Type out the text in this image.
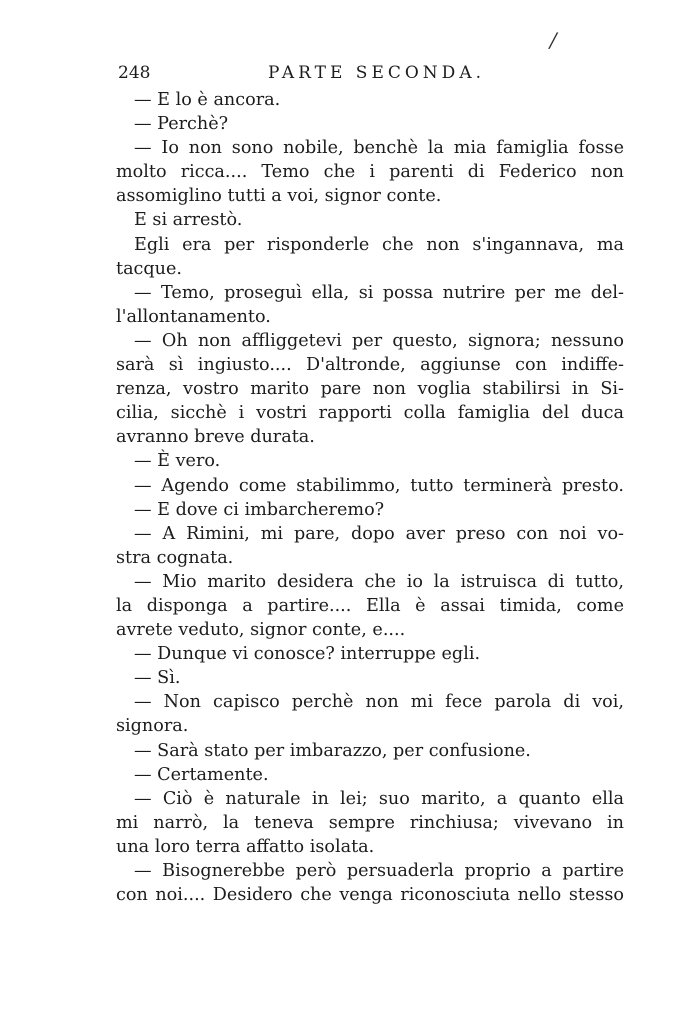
/
248	PARTE SECONDA.
— E lo è ancora.
— Perchè?
— Io non sono nobile, benchè la mia famiglia fosse
molto ricca.... Temo che i parenti di Federico non
assomiglino tutti a voi, signor conte.
E si arrestò.
Egli era per risponderle che non s'ingannava, ma
tacque.
— Temo, proseguì ella, si possa nutrire per me del-
l'allontanamento.
— Oh non affliggetevi per questo, signora; nessuno
sarà sì ingiusto.... D'altronde, aggiunse con indiffe-
renza, vostro marito pare non voglia stabilirsi in Si-
cilia, sicchè i vostri rapporti colla famiglia del duca
avranno breve durata.
— È vero.
— Agendo come stabilimmo, tutto terminerà presto.
— E dove ci imbarcheremo?
— A Rimini, mi pare, dopo aver preso con noi vo-
stra cognata.
— Mio marito desidera che io la istruisca di tutto,
la disponga a partire.... Ella è assai timida, come
avrete veduto, signor conte, e....
— Dunque vi conosce? interruppe egli.
— Sì.
— Non capisco perchè non mi fece parola di voi,
signora.
— Sarà stato per imbarazzo, per confusione.
— Certamente.
— Ciò è naturale in lei; suo marito, a quanto ella
mi narrò, la teneva sempre rinchiusa; vivevano in
una loro terra affatto isolata.
— Bisognerebbe però persuaderla proprio a partire
con noi.... Desidero che venga riconosciuta nello stesso
